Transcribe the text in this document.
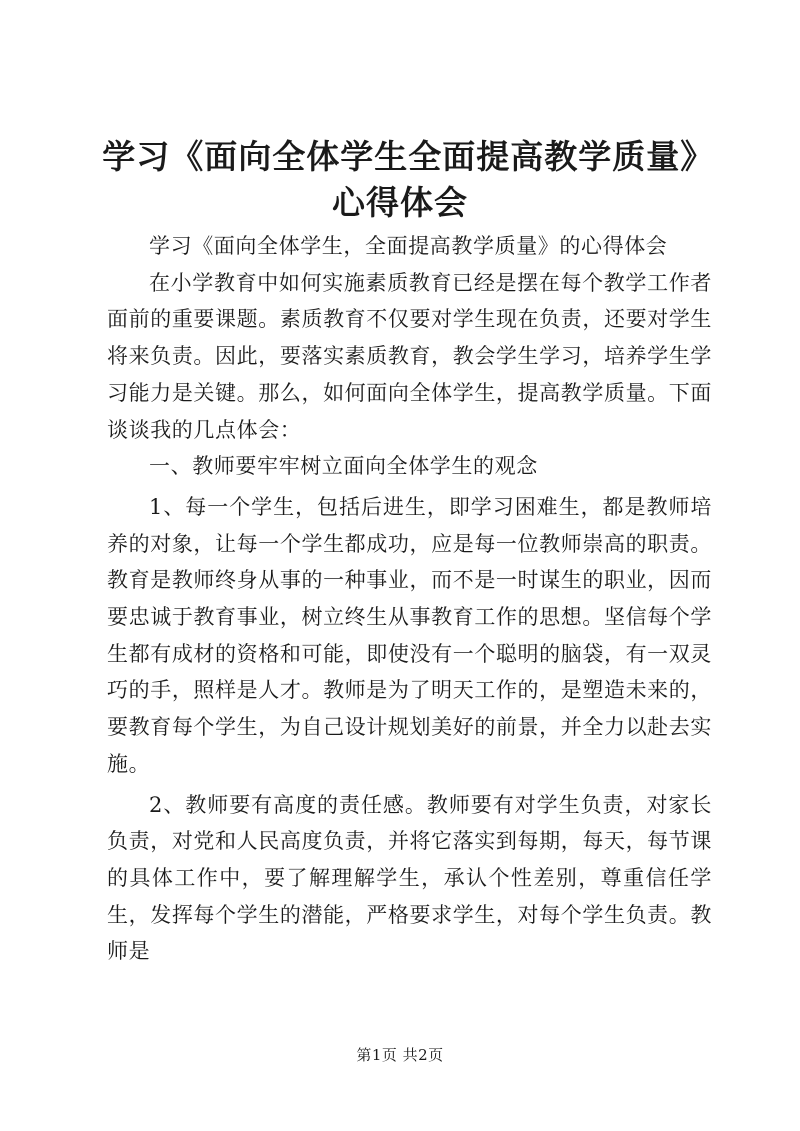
学习《面向全体学生全面提高教学质量》心得体会

学习《面向全体学生，全面提高教学质量》的心得体会

在小学教育中如何实施素质教育已经是摆在每个教学工作者面前的重要课题。素质教育不仅要对学生现在负责，还要对学生将来负责。因此，要落实素质教育，教会学生学习，培养学生学习能力是关键。那么，如何面向全体学生，提高教学质量。下面谈谈我的几点体会：

一、教师要牢牢树立面向全体学生的观念

1、每一个学生，包括后进生，即学习困难生，都是教师培养的对象，让每一个学生都成功，应是每一位教师崇高的职责。教育是教师终身从事的一种事业，而不是一时谋生的职业，因而要忠诚于教育事业，树立终生从事教育工作的思想。坚信每个学生都有成材的资格和可能，即使没有一个聪明的脑袋，有一双灵巧的手，照样是人才。教师是为了明天工作的，是塑造未来的，要教育每个学生，为自己设计规划美好的前景，并全力以赴去实施。

2、教师要有高度的责任感。教师要有对学生负责，对家长负责，对党和人民高度负责，并将它落实到每期，每天，每节课的具体工作中，要了解理解学生，承认个性差别，尊重信任学生，发挥每个学生的潜能，严格要求学生，对每个学生负责。教师是

第1页 共2页
